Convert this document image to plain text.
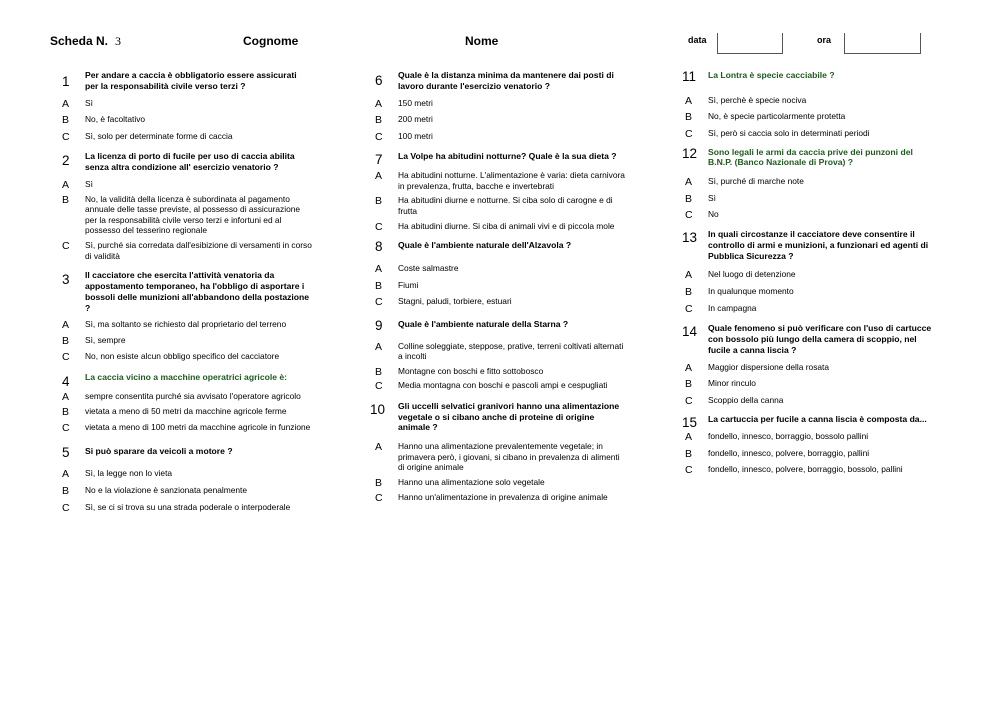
Scheda N. 3	Cognome	Nome	data	ora
1 Per andare a caccia è obbligatorio essere assicurati per la responsabilità civile verso terzi ?
A Sì
B No, è facoltativo
C Sì, solo per determinate forme di caccia
2 La licenza di porto di fucile per uso di caccia abilita senza altra condizione all' esercizio venatorio ?
A Sì
B No, la validità della licenza è subordinata al pagamento annuale delle tasse previste, al possesso di assicurazione per la responsabilità civile verso terzi e infortuni ed al possesso del tesserino regionale
C Sì, purché sia corredata dall'esibizione di versamenti in corso di validità
3 Il cacciatore che esercita l'attività venatoria da appostamento temporaneo, ha l'obbligo di asportare i bossoli delle munizioni all'abbandono della postazione ?
A Sì, ma soltanto se richiesto dal proprietario del terreno
B Sì, sempre
C No, non esiste alcun obbligo specifico del cacciatore
4 La caccia vicino a macchine operatrici agricole è:
A sempre consentita purché sia avvisato l'operatore agricolo
B vietata a meno di 50 metri da macchine agricole ferme
C vietata a meno di 100 metri da macchine agricole in funzione
5 Si può sparare da veicoli a motore ?
A Sì, la legge non lo vieta
B No e la violazione è sanzionata penalmente
C Sì, se ci si trova su una strada poderale o interpoderale
6 Quale è la distanza minima da mantenere dai posti di lavoro durante l'esercizio venatorio ?
A 150 metri
B 200 metri
C 100 metri
7 La Volpe ha abitudini notturne? Quale è la sua dieta ?
A Ha abitudini notturne. L'alimentazione è varia: dieta carnivora in prevalenza, frutta, bacche e invertebrati
B Ha abitudini diurne e notturne. Si ciba solo di carogne e di frutta
C Ha abitudini diurne. Si ciba di animali vivi e di piccola mole
8 Quale è l'ambiente naturale dell'Alzavola ?
A Coste salmastre
B Fiumi
C Stagni, paludi, torbiere, estuari
9 Quale è l'ambiente naturale della Starna ?
A Colline soleggiate, steppose, prative, terreni coltivati alternati a incolti
B Montagne con boschi e fitto sottobosco
C Media montagna con boschi e pascoli ampi e cespugliati
10 Gli uccelli selvatici granivori hanno una alimentazione vegetale o si cibano anche di proteine di origine animale ?
A Hanno una alimentazione prevalentemente vegetale; in primavera però, i giovani, si cibano in prevalenza di alimenti di origine animale
B Hanno una alimentazione solo vegetale
C Hanno un'alimentazione in prevalenza di origine animale
11 La Lontra è specie cacciabile ?
A Sì, perchè è specie nociva
B No, è specie particolarmente protetta
C Sì, però si caccia solo in determinati periodi
12 Sono legali le armi da caccia prive dei punzoni del B.N.P. (Banco Nazionale di Prova) ?
A Sì, purché di marche note
B Sì
C No
13 In quali circostanze il cacciatore deve consentire il controllo di armi e munizioni, a funzionari ed agenti di Pubblica Sicurezza ?
A Nel luogo di detenzione
B In qualunque momento
C In campagna
14 Quale fenomeno si può verificare con l'uso di cartucce con bossolo più lungo della camera di scoppio, nel fucile a canna liscia ?
A Maggior dispersione della rosata
B Minor rinculo
C Scoppio della canna
15 La cartuccia per fucile a canna liscia è composta da...
A fondello, innesco, borraggio, bossolo pallini
B fondello, innesco, polvere, borraggio, pallini
C fondello, innesco, polvere, borraggio, bossolo, pallini
